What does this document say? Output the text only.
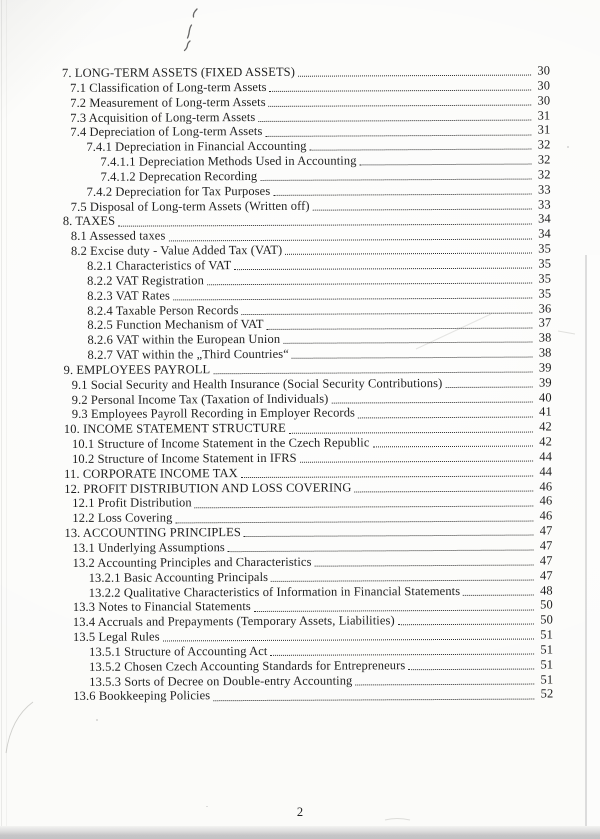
7. LONG-TERM ASSETS (FIXED ASSETS)	30
7.1 Classification of Long-term Assets	30
7.2 Measurement of Long-term Assets	30
7.3 Acquisition of Long-term Assets	31
7.4 Depreciation of Long-term Assets	31
7.4.1 Depreciation in Financial Accounting	32
7.4.1.1 Depreciation Methods Used in Accounting	32
7.4.1.2 Deprecation Recording	32
7.4.2 Depreciation for Tax Purposes	33
7.5 Disposal of Long-term Assets (Written off)	33
8. TAXES	34
8.1 Assessed taxes	34
8.2 Excise duty - Value Added Tax (VAT)	35
8.2.1 Characteristics of VAT	35
8.2.2 VAT Registration	35
8.2.3 VAT Rates	35
8.2.4 Taxable Person Records	36
8.2.5 Function Mechanism of VAT	37
8.2.6 VAT within the European Union	38
8.2.7 VAT within the „Third Countries“	38
9. EMPLOYEES PAYROLL	39
9.1 Social Security and Health Insurance (Social Security Contributions)	39
9.2 Personal Income Tax (Taxation of Individuals)	40
9.3 Employees Payroll Recording in Employer Records	41
10. INCOME STATEMENT STRUCTURE	42
10.1 Structure of Income Statement in the Czech Republic	42
10.2 Structure of Income Statement in IFRS	44
11. CORPORATE INCOME TAX	44
12. PROFIT DISTRIBUTION AND LOSS COVERING	46
12.1 Profit Distribution	46
12.2 Loss Covering	46
13. ACCOUNTING PRINCIPLES	47
13.1 Underlying Assumptions	47
13.2 Accounting Principles and Characteristics	47
13.2.1 Basic Accounting Principals	47
13.2.2 Qualitative Characteristics of Information in Financial Statements	48
13.3 Notes to Financial Statements	50
13.4 Accruals and Prepayments (Temporary Assets, Liabilities)	50
13.5 Legal Rules	51
13.5.1 Structure of Accounting Act	51
13.5.2 Chosen Czech Accounting Standards for Entrepreneurs	51
13.5.3 Sorts of Decree on Double-entry Accounting	51
13.6 Bookkeeping Policies	52
2
